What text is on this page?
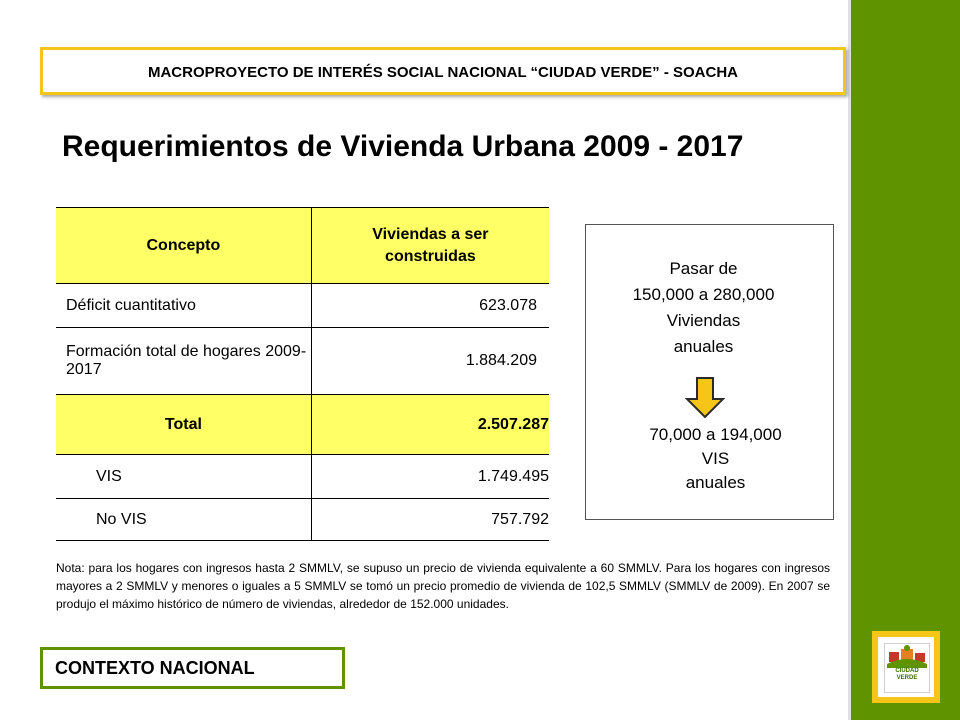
MACROPROYECTO DE INTERÉS SOCIAL NACIONAL “CIUDAD VERDE” - SOACHA
Requerimientos de Vivienda Urbana 2009 - 2017
Concepto	Viviendas a ser construidas

Déficit cuantitativo	623.078
Formación total de hogares 2009-2017	1.884.209
Total	2.507.287
VIS	1.749.495
No VIS	757.792
Pasar de
150,000 a 280,000
Viviendas
anuales
70,000 a 194,000
VIS
anuales

Nota: para los hogares con ingresos hasta 2 SMMLV, se supuso un precio de vivienda equivalente a 60 SMMLV. Para los hogares con ingresos mayores a 2 SMMLV y menores o iguales a 5 SMMLV se tomó un precio promedio de vivienda de 102,5 SMMLV (SMMLV de 2009). En 2007 se produjo el máximo histórico de número de viviendas, alrededor de 152.000 unidades.

CONTEXTO NACIONAL	CIUDAD
VERDE
